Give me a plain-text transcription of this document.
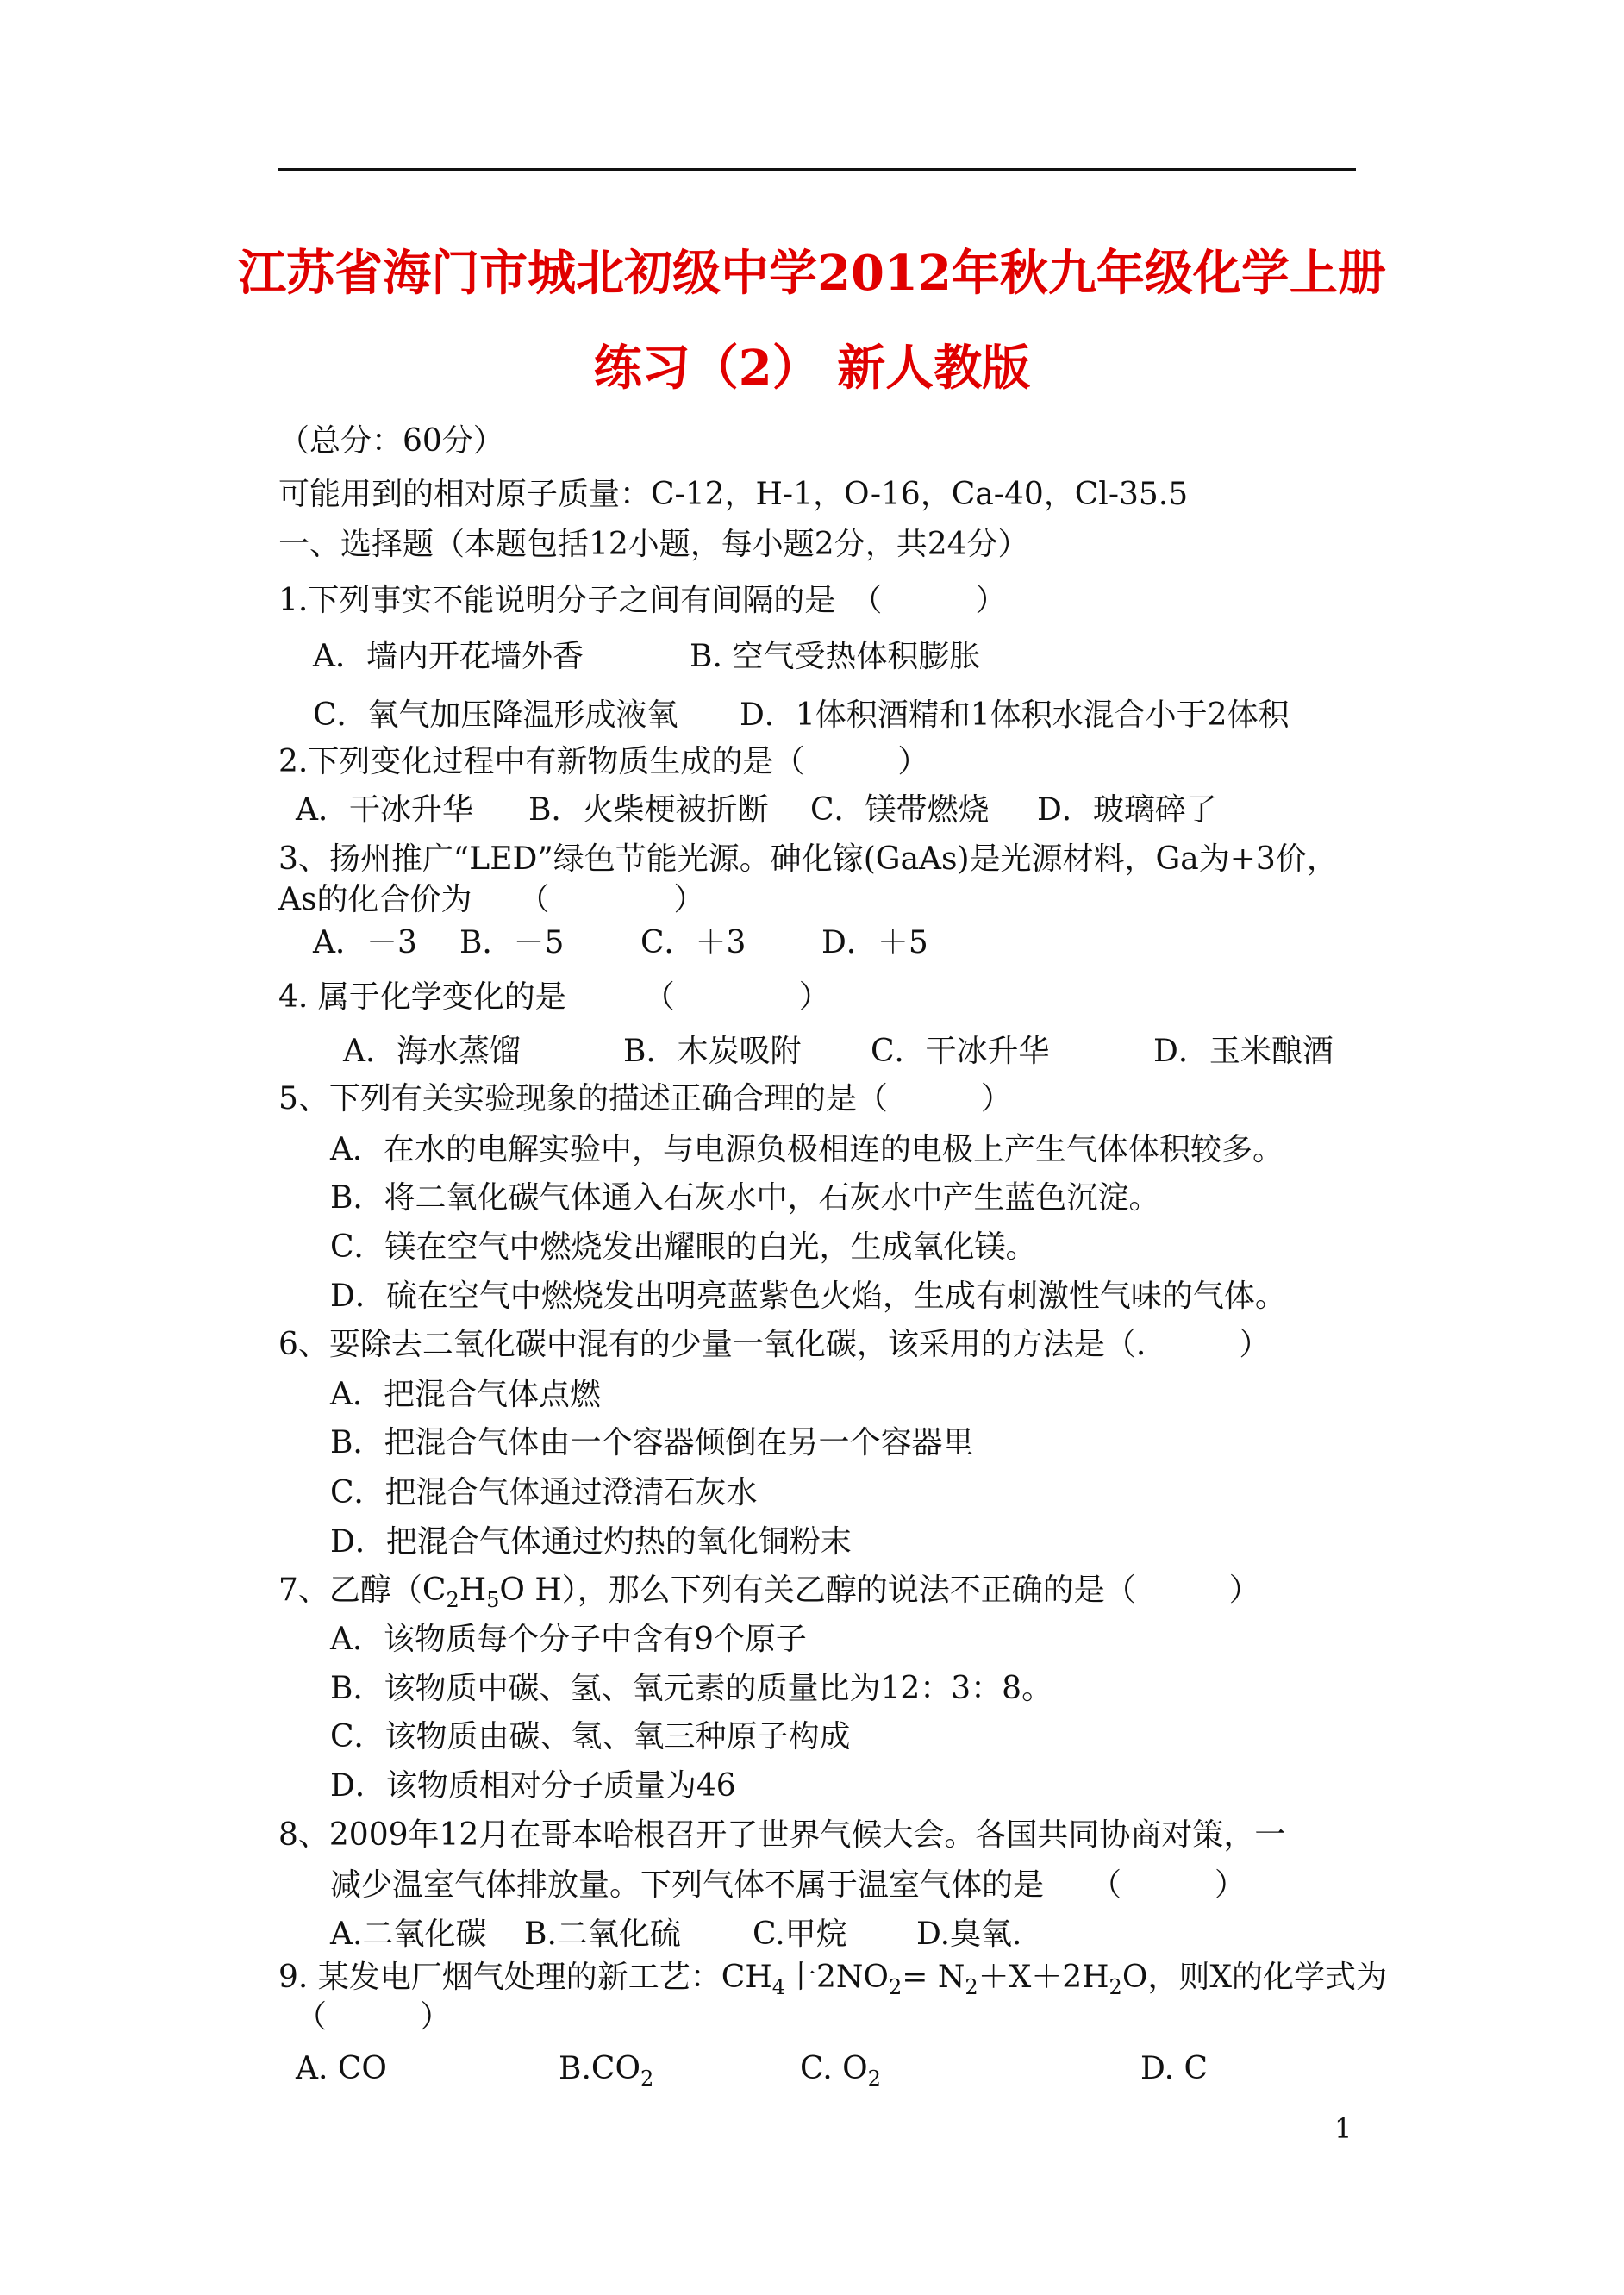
江苏省海门市城北初级中学2012年秋九年级化学上册
练习（2） 新人教版
（总分：60分）
可能用到的相对原子质量：C-12，H-1，O-16，Ca-40，Cl-35.5
一、选择题（本题包括12小题，每小题2分，共24分）
1.下列事实不能说明分子之间有间隔的是　（　　　）
A．墙内开花墙外香	B. 空气受热体积膨胀
C．氧气加压降温形成液氧 D．1体积酒精和1体积水混合小于2体积
2.下列变化过程中有新物质生成的是（　　　）
A．干冰升华 B．火柴梗被折断 C．镁带燃烧 D．玻璃碎了
3、扬州推广“LED”绿色节能光源。砷化镓(GaAs)是光源材料，Ga为+3价，
As的化合价为　　（　　　　）
A．－3 B．－5 C．＋3 D．＋5
4. 属于化学变化的是　　　（　　　　）
A．海水蒸馏	B．木炭吸附 C．干冰升华	D．玉米酿酒
5、下列有关实验现象的描述正确合理的是（　　　）
A．在水的电解实验中，与电源负极相连的电极上产生气体体积较多。
B．将二氧化碳气体通入石灰水中，石灰水中产生蓝色沉淀。
C．镁在空气中燃烧发出耀眼的白光，生成氧化镁。
D．硫在空气中燃烧发出明亮蓝紫色火焰，生成有刺激性气味的气体。
6、要除去二氧化碳中混有的少量一氧化碳，该采用的方法是（.　　　）
A．把混合气体点燃
B．把混合气体由一个容器倾倒在另一个容器里
C．把混合气体通过澄清石灰水
D．把混合气体通过灼热的氧化铜粉末
7、乙醇（$C_2H_5O$ H），那么下列有关乙醇的说法不正确的是（　　　）
A．该物质每个分子中含有9个原子
B．该物质中碳、氢、氧元素的质量比为12：3：8。
C．该物质由碳、氢、氧三种原子构成
D．该物质相对分子质量为46
8、2009年12月在哥本哈根召开了世界气候大会。各国共同协商对策，一
减少温室气体排放量。下列气体不属于温室气体的是　　（　　　）
A.二氧化碳 B.二氧化硫 C.甲烷 D.臭氧.
9. 某发电厂烟气处理的新工艺：$CH_4$十$2NO_2= N_2+X+2H_2O$，则X的化学式为
（　　　）
A. CO	$B.CO_2$	C. $O_2$	D. C
1
